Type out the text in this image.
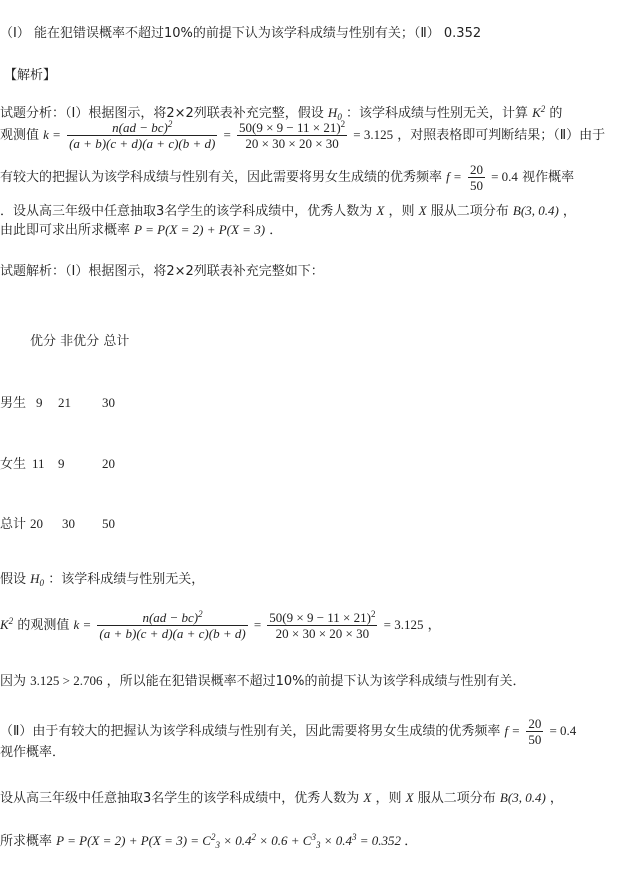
（Ⅰ） 能在犯错误概率不超过10%的前提下认为该学科成绩与性别有关；（Ⅱ） 0.352
【解析】
试题分析：（Ⅰ）根据图示，将2×2列联表补充完整，假设 $H_0$ ：该学科成绩与性别无关，计算 $K^2$ 的
观测值 $k = \frac{n(ad - bc)^2}{(a + b)(c + d)(a + c)(b + d)} = \frac{50(9 \times 9 - 11 \times 21)^2}{20 \times 30 \times 20 \times 30} = 3.125$ ，对照表格即可判断结果；（Ⅱ）由于
有较大的把握认为该学科成绩与性别有关，因此需要将男女生成绩的优秀频率 $f = \frac{20}{50} = 0.4$ 视作概率
．设从高三年级中任意抽取3名学生的该学科成绩中，优秀人数为 X ，则 X 服从二项分布 B(3, 0.4) ，
由此即可求出所求概率 P = P(X = 2) + P(X = 3) ．
试题解析：（Ⅰ）根据图示，将2×2列联表补充完整如下：
优分 非优分 总计
男生 9 21 30
女生 11 9	20
总计 20 30 50
假设 $H_0$ ：该学科成绩与性别无关，
$K^2$ 的观测值 $k = \frac{n(ad - bc)^2}{(a + b)(c + d)(a + c)(b + d)} = \frac{50(9 \times 9 - 11 \times 21)^2}{20 \times 30 \times 20 \times 30} = 3.125$ ，
因为 3.125 > 2.706 ，所以能在犯错误概率不超过10%的前提下认为该学科成绩与性别有关．
（Ⅱ）由于有较大的把握认为该学科成绩与性别有关，因此需要将男女生成绩的优秀频率 $f = \frac{20}{50} = 0.4$
视作概率．
设从高三年级中任意抽取3名学生的该学科成绩中，优秀人数为 X ，则 X 服从二项分布 B(3, 0.4) ，
所求概率 $P = P(X = 2) + P(X = 3) = C^2_3 \times 0.4^2 \times 0.6 + C^3_3 \times 0.4^3 = 0.352$ ．
